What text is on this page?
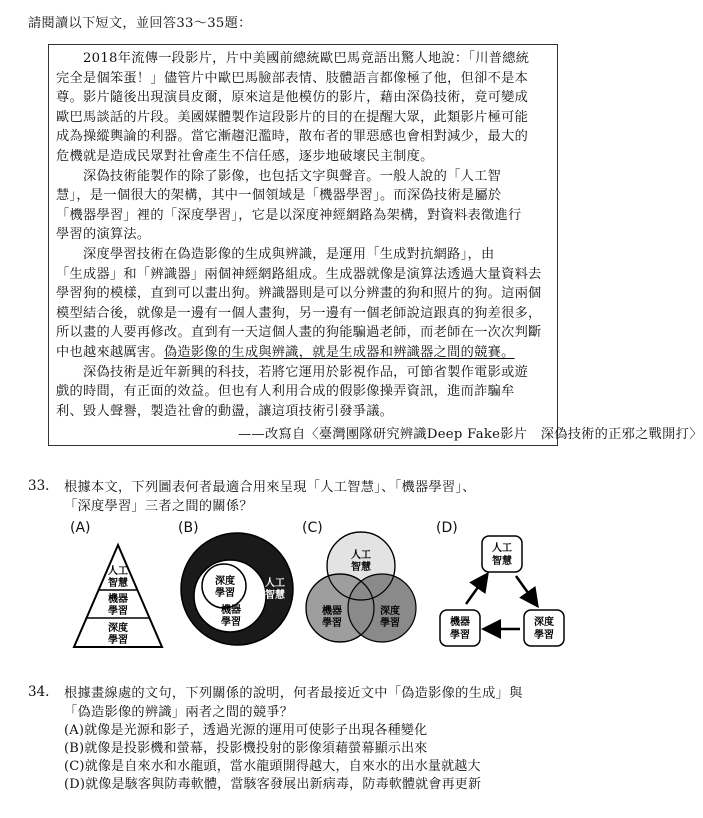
請閱讀以下短文，並回答33～35題：
　　2018年流傳一段影片，片中美國前總統歐巴馬竟語出驚人地說：「川普總統
完全是個笨蛋！」儘管片中歐巴馬臉部表情、肢體語言都像極了他，但卻不是本
尊。影片隨後出現演員皮爾，原來這是他模仿的影片，藉由深偽技術，竟可變成
歐巴馬談話的片段。美國媒體製作這段影片的目的在提醒大眾，此類影片極可能
成為操縱輿論的利器。當它漸趨氾濫時，散布者的罪惡感也會相對減少，最大的
危機就是造成民眾對社會產生不信任感，逐步地破壞民主制度。
　　深偽技術能製作的除了影像，也包括文字與聲音。一般人說的「人工智
慧」，是一個很大的架構，其中一個領域是「機器學習」。而深偽技術是屬於
「機器學習」裡的「深度學習」，它是以深度神經網路為架構，對資料表徵進行
學習的演算法。
　　深度學習技術在偽造影像的生成與辨識，是運用「生成對抗網路」，由
「生成器」和「辨識器」兩個神經網路組成。生成器就像是演算法透過大量資料去
學習狗的模樣，直到可以畫出狗。辨識器則是可以分辨畫的狗和照片的狗。這兩個
模型結合後，就像是一邊有一個人畫狗，另一邊有一個老師說這跟真的狗差很多，
所以畫的人要再修改。直到有一天這個人畫的狗能騙過老師，而老師在一次次判斷
中也越來越厲害。偽造影像的生成與辨識，就是生成器和辨識器之間的競賽。
　　深偽技術是近年新興的科技，若將它運用於影視作品，可節省製作電影或遊
戲的時間，有正面的效益。但也有人利用合成的假影像操弄資訊，進而詐騙牟
利、毀人聲譽，製造社會的動盪，讓這項技術引發爭議。
——改寫自〈臺灣團隊研究辨識Deep Fake影片　深偽技術的正邪之戰開打〉
33. 根據本文，下列圖表何者最適合用來呈現「人工智慧」、「機器學習」、
「深度學習」三者之間的關係？
(A)	(B)	(C)	(D)
人工
智慧
機器
學習
深度
學習
深度
學習
機器
學習
人工
智慧
人工
智慧
機器
學習
深度
學習
人工
智慧
機器
學習
深度
學習
34. 根據畫線處的文句，下列關係的說明，何者最接近文中「偽造影像的生成」與
「偽造影像的辨識」兩者之間的競爭？
(A)就像是光源和影子，透過光源的運用可使影子出現各種變化
(B)就像是投影機和螢幕，投影機投射的影像須藉螢幕顯示出來
(C)就像是自來水和水龍頭，當水龍頭開得越大，自來水的出水量就越大
(D)就像是駭客與防毒軟體，當駭客發展出新病毒，防毒軟體就會再更新
